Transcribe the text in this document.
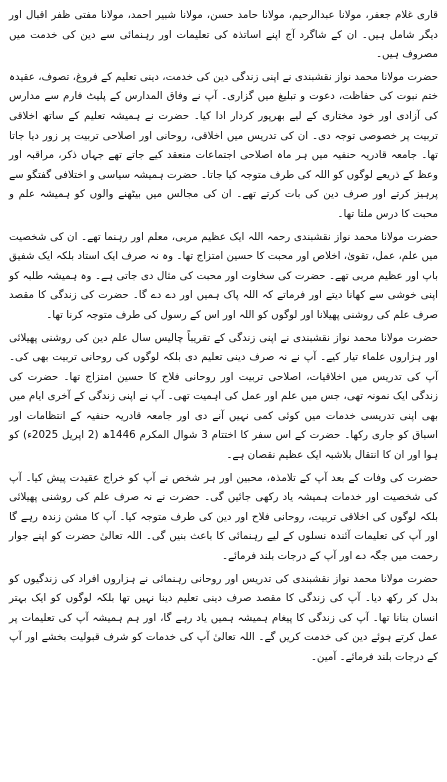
قاری غلام جعفر، مولانا عبدالرحیم، مولانا حامد حسن، مولانا شبیر احمد، مولانا مفتی ظفر اقبال اور دیگر شامل ہیں۔ ان کے شاگرد آج اپنے اساتذہ کی تعلیمات اور رہنمائی سے دین کی خدمت میں مصروف ہیں۔

حضرت مولانا محمد نواز نقشبندی نے اپنی زندگی دین کی خدمت، دینی تعلیم کے فروغ، تصوف، عقیدہ ختم نبوت کی حفاظت، دعوت و تبلیغ میں گزاری۔ آپ نے وفاق المدارس کے پلیٹ فارم سے مدارس کی آزادی اور خود مختاری کے لیے بھرپور کردار ادا کیا۔ حضرت نے ہمیشہ تعلیم کے ساتھ اخلاقی تربیت پر خصوصی توجہ دی۔ ان کی تدریس میں اخلاقی، روحانی اور اصلاحی تربیت پر زور دیا جاتا تھا۔ جامعہ قادریہ حنفیہ میں ہر ماہ اصلاحی اجتماعات منعقد کیے جاتے تھے جہاں ذکر، مراقبہ اور وعظ کے ذریعے لوگوں کو اللہ کی طرف متوجہ کیا جاتا۔ حضرت ہمیشہ سیاسی و اختلافی گفتگو سے پرہیز کرتے اور صرف دین کی بات کرتے تھے۔ ان کی مجالس میں بیٹھنے والوں کو ہمیشہ علم و محبت کا درس ملتا تھا۔

حضرت مولانا محمد نواز نقشبندی رحمہ اللہ ایک عظیم مربی، معلم اور رہنما تھے۔ ان کی شخصیت میں علم، عمل، تقویٰ، اخلاص اور محبت کا حسین امتزاج تھا۔ وہ نہ صرف ایک استاد بلکہ ایک شفیق باپ اور عظیم مربی تھے۔ حضرت کی سخاوت اور محبت کی مثال دی جاتی ہے۔ وہ ہمیشہ طلبہ کو اپنی خوشی سے کھانا دیتے اور فرماتے کہ اللہ پاک ہمیں اور دے دے گا۔ حضرت کی زندگی کا مقصد صرف علم کی روشنی پھیلانا اور لوگوں کو اللہ اور اس کے رسول کی طرف متوجہ کرنا تھا۔

حضرت مولانا محمد نواز نقشبندی نے اپنی زندگی کے تقریباً چالیس سال علم دین کی روشنی پھیلائی اور ہزاروں علماء تیار کیے۔ آپ نے نہ صرف دینی تعلیم دی بلکہ لوگوں کی روحانی تربیت بھی کی۔ آپ کی تدریس میں اخلاقیات، اصلاحی تربیت اور روحانی فلاح کا حسین امتزاج تھا۔ حضرت کی زندگی ایک نمونہ تھی، جس میں علم اور عمل کی اہمیت تھی۔ آپ نے اپنی زندگی کے آخری ایام میں بھی اپنی تدریسی خدمات میں کوئی کمی نہیں آنے دی اور جامعہ قادریہ حنفیہ کے انتظامات اور اسباق کو جاری رکھا۔ حضرت کے اس سفر کا اختتام 3 شوال المکرم 1446ھ (2 اپریل 2025ء) کو ہوا اور ان کا انتقال بلاشبہ ایک عظیم نقصان ہے۔

حضرت کی وفات کے بعد آپ کے تلامذہ، محبین اور ہر شخص نے آپ کو خراج عقیدت پیش کیا۔ آپ کی شخصیت اور خدمات ہمیشہ یاد رکھی جائیں گی۔ حضرت نے نہ صرف علم کی روشنی پھیلائی بلکہ لوگوں کی اخلاقی تربیت، روحانی فلاح اور دین کی طرف متوجہ کیا۔ آپ کا مشن زندہ رہے گا اور آپ کی تعلیمات آئندہ نسلوں کے لیے رہنمائی کا باعث بنیں گی۔ اللہ تعالیٰ حضرت کو اپنے جوار رحمت میں جگہ دے اور آپ کے درجات بلند فرمائے۔

حضرت مولانا محمد نواز نقشبندی کی تدریس اور روحانی رہنمائی نے ہزاروں افراد کی زندگیوں کو بدل کر رکھ دیا۔ آپ کی زندگی کا مقصد صرف دینی تعلیم دینا نہیں تھا بلکہ لوگوں کو ایک بہتر انسان بنانا تھا۔ آپ کی زندگی کا پیغام ہمیشہ ہمیں یاد رہے گا، اور ہم ہمیشہ آپ کی تعلیمات پر عمل کرتے ہوئے دین کی خدمت کریں گے۔ اللہ تعالیٰ آپ کی خدمات کو شرف قبولیت بخشے اور آپ کے درجات بلند فرمائے۔ آمین۔
